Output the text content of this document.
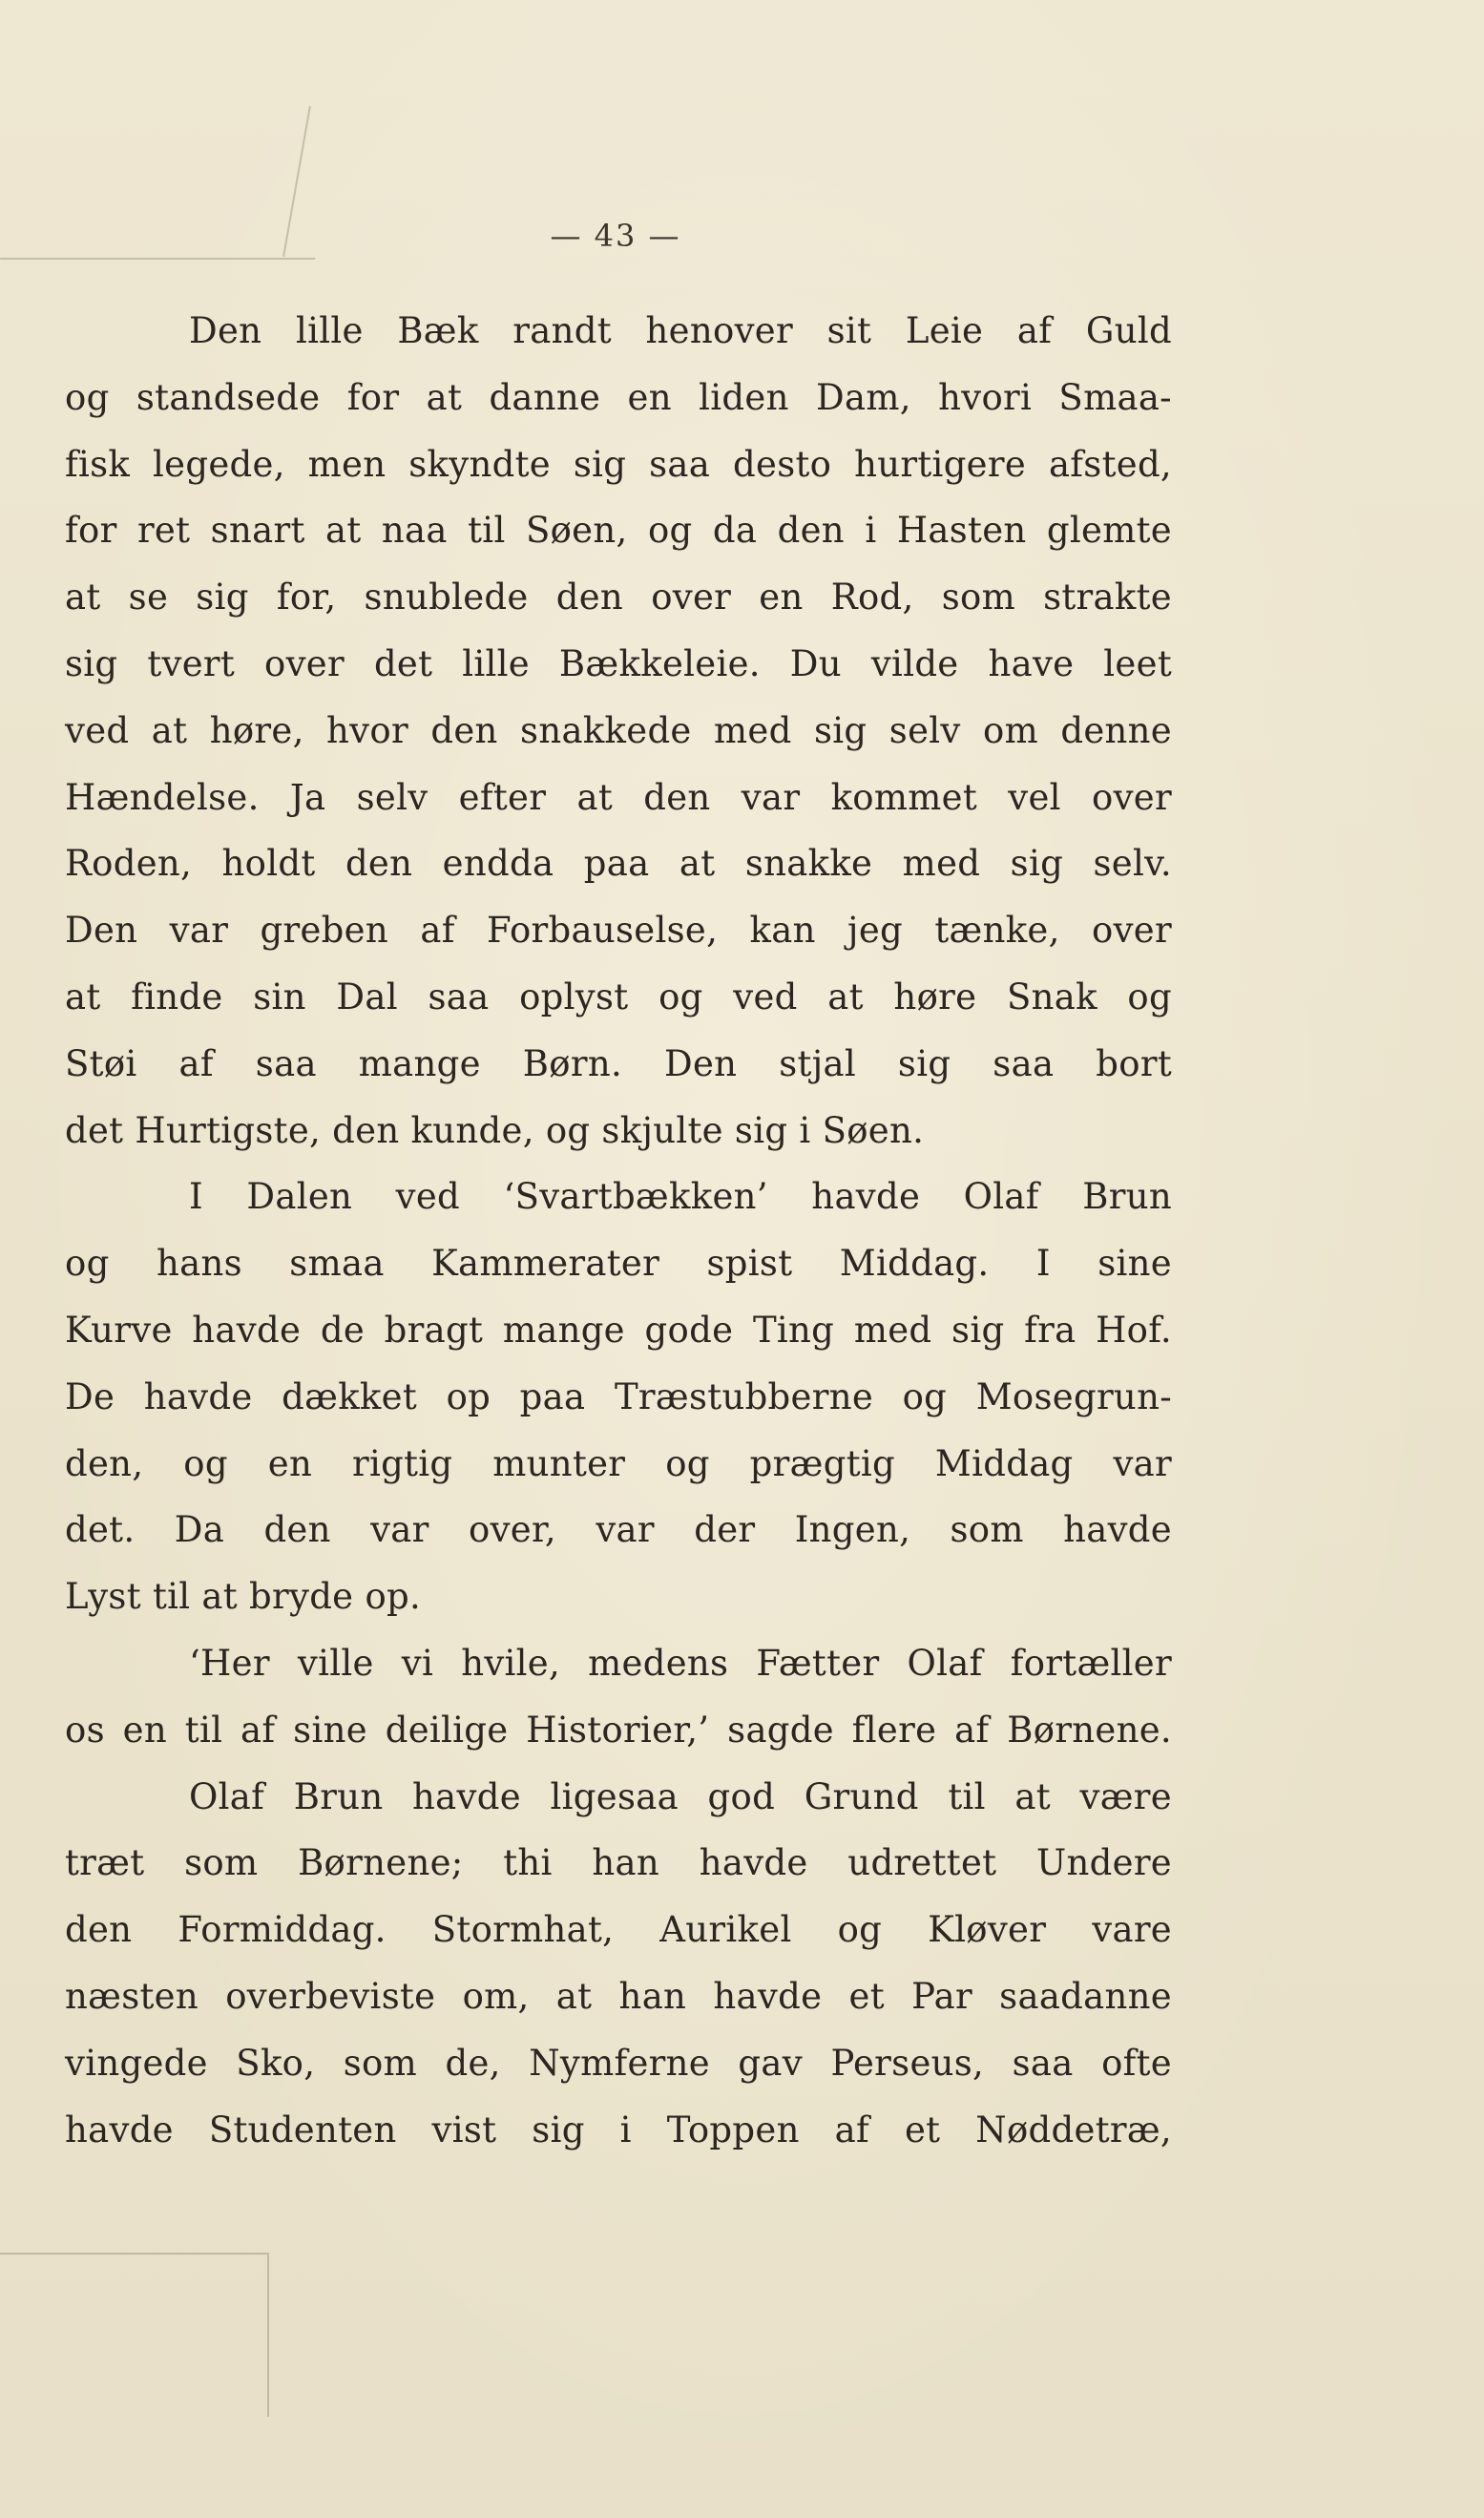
— 43 —
Den lille Bæk randt henover sit Leie af Guld
og standsede for at danne en liden Dam, hvori Smaa-
fisk legede, men skyndte sig saa desto hurtigere afsted,
for ret snart at naa til Søen, og da den i Hasten glemte
at se sig for, snublede den over en Rod, som strakte
sig tvert over det lille Bækkeleie. Du vilde have leet
ved at høre, hvor den snakkede med sig selv om denne
Hændelse. Ja selv efter at den var kommet vel over
Roden, holdt den endda paa at snakke med sig selv.
Den var greben af Forbauselse, kan jeg tænke, over
at finde sin Dal saa oplyst og ved at høre Snak og
Støi af saa mange Børn. Den stjal sig saa bort
det Hurtigste, den kunde, og skjulte sig i Søen.
I Dalen ved ‘Svartbækken’ havde Olaf Brun
og hans smaa Kammerater spist Middag. I sine
Kurve havde de bragt mange gode Ting med sig fra Hof.
De havde dækket op paa Træstubberne og Mosegrun-
den, og en rigtig munter og prægtig Middag var
det. Da den var over, var der Ingen, som havde
Lyst til at bryde op.
‘Her ville vi hvile, medens Fætter Olaf fortæller
os en til af sine deilige Historier,’ sagde flere af Børnene.
Olaf Brun havde ligesaa god Grund til at være
træt som Børnene; thi han havde udrettet Undere
den Formiddag. Stormhat, Aurikel og Kløver vare
næsten overbeviste om, at han havde et Par saadanne
vingede Sko, som de, Nymferne gav Perseus, saa ofte
havde Studenten vist sig i Toppen af et Nøddetræ,
